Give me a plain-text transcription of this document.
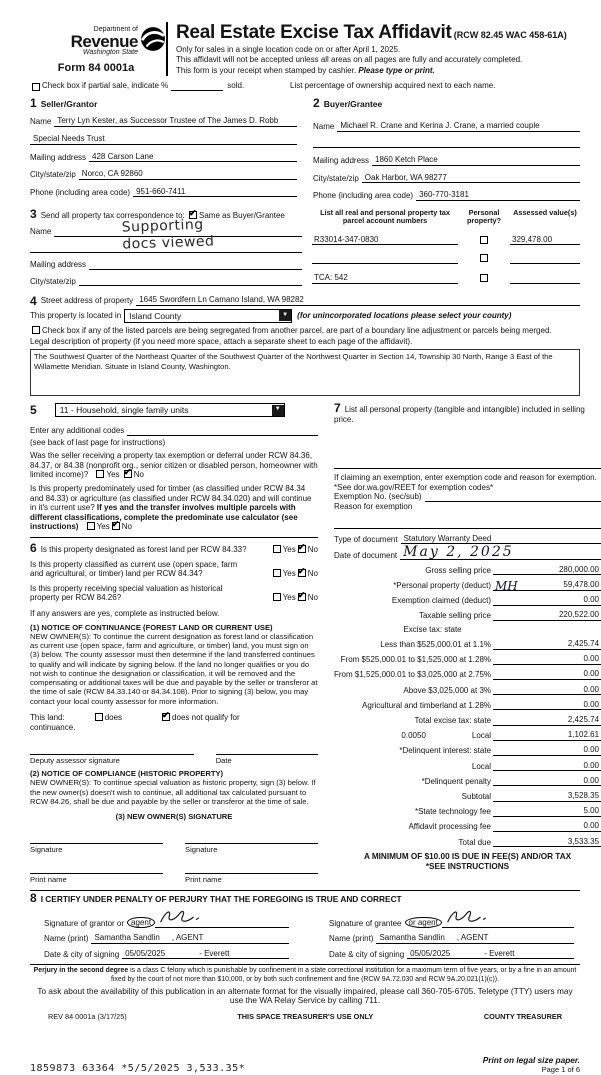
Department of
Revenue
Washington State
Form 84 0001a
Real Estate Excise Tax Affidavit (RCW 82.45 WAC 458-61A)
Only for sales in a single location code on or after April 1, 2025.
This affidavit will not be accepted unless all areas on all pages are fully and accurately completed.
This form is your receipt when stamped by cashier. Please type or print.
Check box if partial sale, indicate %	sold.	List percentage of ownership acquired next to each name.
1 Seller/Grantor
Name Terry Lyn Kester, as Successor Trustee of The James D. Robb
Special Needs Trust
Mailing address 428 Carson Lane
City/state/zip Norco, CA 92860
Phone (including area code) 951-660-7411
2 Buyer/Grantee
Name Michael R. Crane and Kerina J. Crane, a married couple
Mailing address 1860 Ketch Place
City/state/zip Oak Harbor, WA 98277
Phone (including area code) 360-770-3181
3 Send all property tax correspondence to: ✔ Same as Buyer/Grantee
Name
Mailing address
City/state/zip
Supporting
docs viewed
List all real and personal property tax parcel account numbers
Personal property?
Assessed value(s)
R33014-347-0830	329,478.00
TCA: 542
4 Street address of property 1645 Swordfern Ln Camano Island, WA 98282
This property is located in Island County	▼	(for unincorporated locations please select your county)
Check box if any of the listed parcels are being segregated from another parcel, are part of a boundary line adjustment or parcels being merged.
Legal description of property (if you need more space, attach a separate sheet to each page of the affidavit).
The Southwest Quarter of the Northeast Quarter of the Southwest Quarter of the Northwest Quarter in Section 14, Township 30 North, Range 3 East of the Willamette Meridian. Situate in Island County, Washington.
5	11 - Household, single family units	▼
Enter any additional codes
(see back of last page for instructions)
Was the seller receiving a property tax exemption or deferral under RCW 84.36, 84.37, or 84.38 (nonprofit org., senior citizen or disabled person, homeowner with limited income)? Yes ✔ No
Is this property predominately used for timber (as classified under RCW 84.34 and 84.33) or agriculture (as classified under RCW 84.34.020) and will continue in it's current use? If yes and the transfer involves multiple parcels with different classifications, complete the predominate use calculator (see instructions) Yes ✔ No
6 Is this property designated as forest land per RCW 84.33?	Yes ✔ No
Is this property classified as current use (open space, farm and agricultural, or timber) land per RCW 84.34?	Yes ✔ No
Is this property receiving special valuation as historical property per RCW 84.26?	Yes ✔ No
If any answers are yes, complete as instructed below.
(1) NOTICE OF CONTINUANCE (FOREST LAND OR CURRENT USE)
NEW OWNER(S): To continue the current designation as forest land or classification as current use (open space, farm and agriculture, or timber) land, you must sign on (3) below. The county assessor must then determine if the land transferred continues to qualify and will indicate by signing below. If the land no longer qualifies or you do not wish to continue the designation or classification, it will be removed and the compensating or additional taxes will be due and payable by the seller or transferor at the time of sale (RCW 84.33.140 or 84.34.108). Prior to signing (3) below, you may contact your local county assessor for more information.
This land:	does ✔	does not qualify for
continuance.
Deputy assessor signature	Date
(2) NOTICE OF COMPLIANCE (HISTORIC PROPERTY)
NEW OWNER(S): To continue special valuation as historic property, sign (3) below. If the new owner(s) doesn't wish to continue, all additional tax calculated pursuant to RCW 84.26, shall be due and payable by the seller or transferor at the time of sale.
(3) NEW OWNER(S) SIGNATURE
Signature	Signature
Print name	Print name
7 List all personal property (tangible and intangible) included in selling price.
If claiming an exemption, enter exemption code and reason for exemption. *See dor.wa.gov/REET for exemption codes*
Exemption No. (sec/sub)
Reason for exemption
Type of document Statutory Warranty Deed
Date of document May 2, 2025
Gross selling price	280,000.00
*Personal property (deduct) MH	59,478.00
Exemption claimed (deduct)	0.00
Taxable selling price	220,522.00
Excise tax: state
Less than $525,000.01 at 1.1%	2,425.74
From $525,000.01 to $1,525,000 at 1.28%	0.00
From $1,525,000.01 to $3,025,000 at 2.75%	0.00
Above $3,025,000 at 3%	0.00
Agricultural and timberland at 1.28%	0.00
Total excise tax: state	2,425.74
0.0050	Local	1,102.61
*Delinquent interest: state	0.00
Local	0.00
*Delinquent penalty	0.00
Subtotal	3,528.35
*State technology fee	5.00
Affidavit processing fee	0.00
Total due	3,533.35
A MINIMUM OF $10.00 IS DUE IN FEE(S) AND/OR TAX
*SEE INSTRUCTIONS
8 I CERTIFY UNDER PENALTY OF PERJURY THAT THE FOREGOING IS TRUE AND CORRECT
Signature of grantor or agent
Name (print) Samantha Sandlin , AGENT
Date & city of signing 05/05/2025	- Everett
Signature of grantee or agent
Name (print) Samantha Sandlin , AGENT
Date & city of signing 05/05/2025	- Everett
Perjury in the second degree is a class C felony which is punishable by confinement in a state correctional institution for a maximum term of five years, or by a fine in an amount fixed by the court of not more than $10,000, or by both such confinement and fine (RCW 9A.72.030 and RCW 9A.20.021(1)(c)).
To ask about the availability of this publication in an alternate format for the visually impaired, please call 360-705-6705. Teletype (TTY) users may use the WA Relay Service by calling 711.
REV 84 0001a (3/17/25)	THIS SPACE TREASURER'S USE ONLY	COUNTY TREASURER
1859873 63364 *5/5/2025 3,533.35*
Print on legal size paper.
Page 1 of 6
